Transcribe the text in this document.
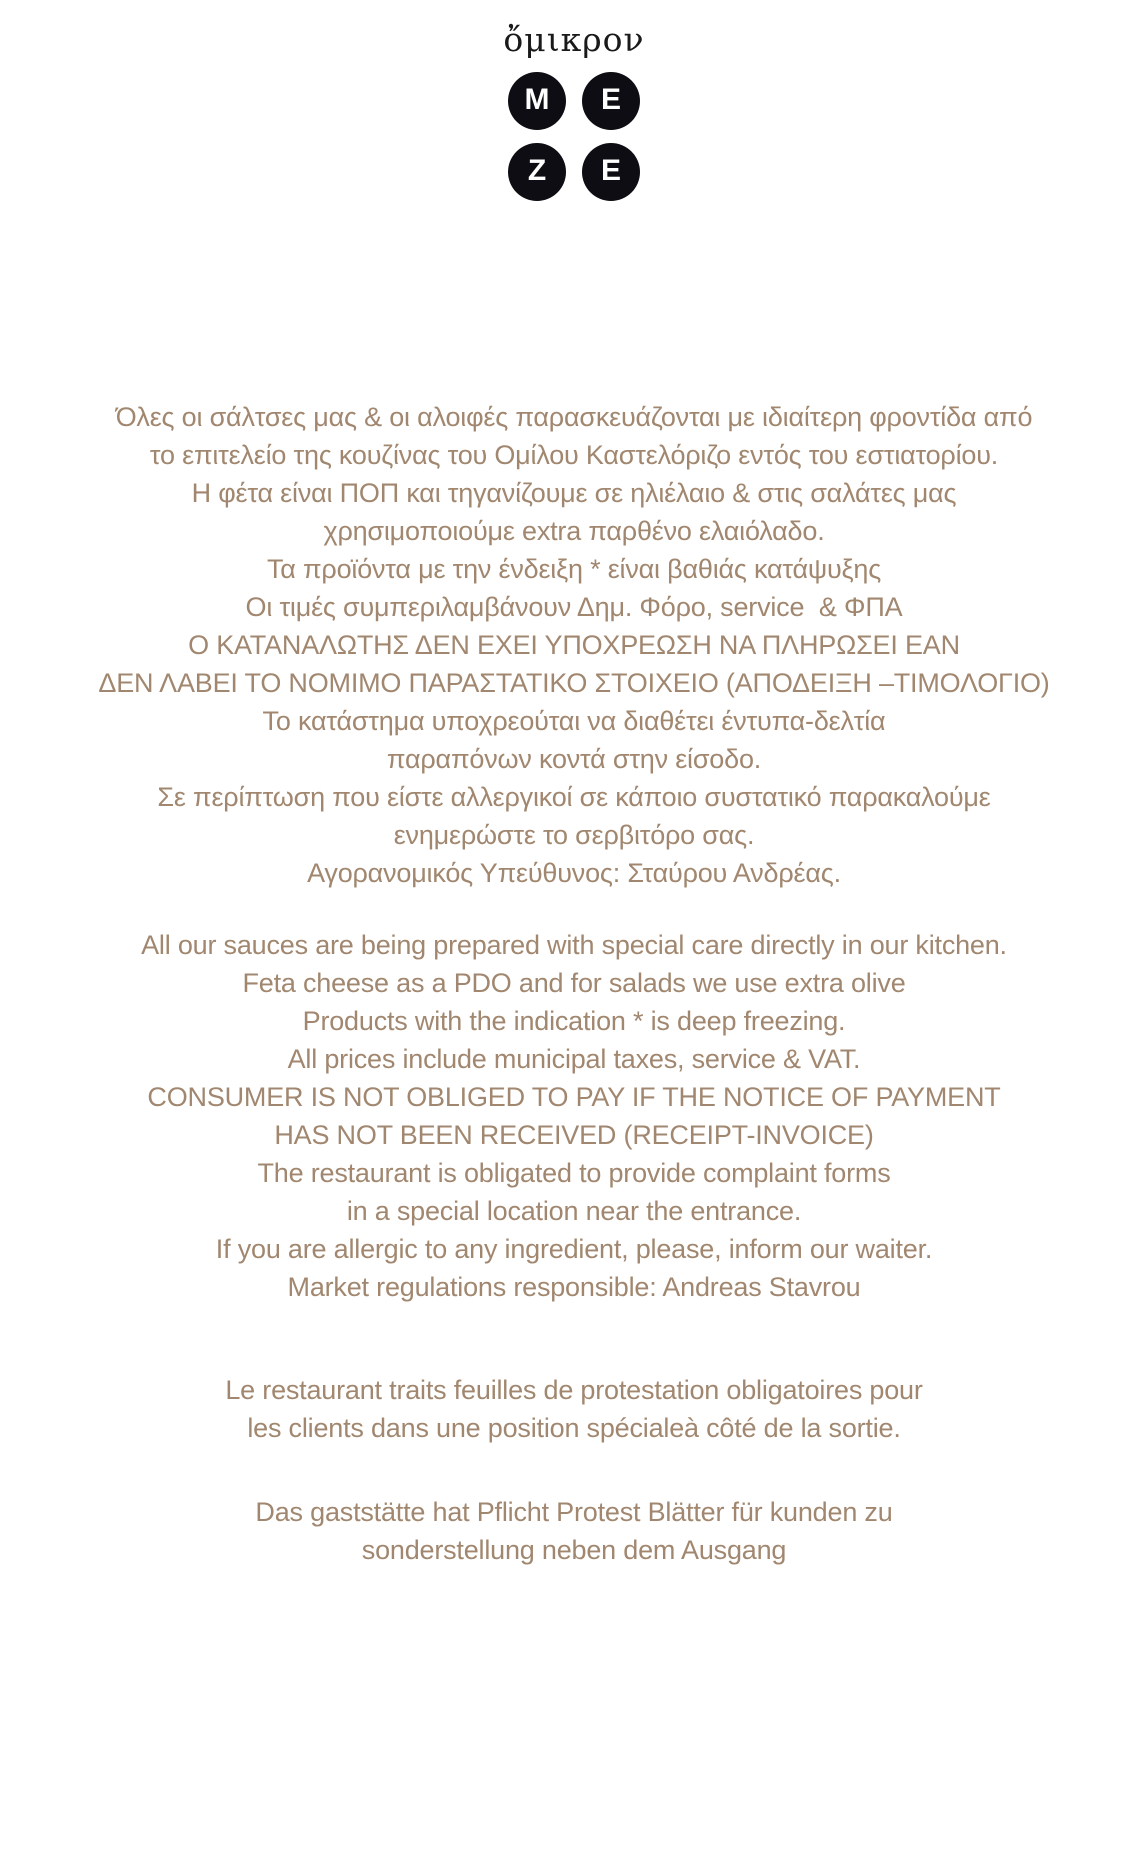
ὄμικρον
M E
Z E
Όλες οι σάλτσες μας & οι αλοιφές παρασκευάζονται με ιδιαίτερη φροντίδα από
το επιτελείο της κουζίνας του Ομίλου Καστελόριζο εντός του εστιατορίου.
Η φέτα είναι ΠΟΠ και τηγανίζουμε σε ηλιέλαιο & στις σαλάτες μας
χρησιμοποιούμε extra παρθένο ελαιόλαδο.
Τα προϊόντα με την ένδειξη * είναι βαθιάς κατάψυξης
Οι τιμές συμπεριλαμβάνουν Δημ. Φόρο, service  & ΦΠΑ
Ο ΚΑΤΑΝΑΛΩΤΗΣ ΔΕΝ ΕΧΕΙ ΥΠΟΧΡΕΩΣΗ ΝΑ ΠΛΗΡΩΣΕΙ ΕΑΝ
ΔΕΝ ΛΑΒΕΙ ΤΟ ΝΟΜΙΜΟ ΠΑΡΑΣΤΑΤΙΚΟ ΣΤΟΙΧΕΙΟ (ΑΠΟΔΕΙΞΗ –ΤΙΜΟΛΟΓΙΟ)
Το κατάστημα υποχρεούται να διαθέτει έντυπα-δελτία
παραπόνων κοντά στην είσοδο.
Σε περίπτωση που είστε αλλεργικοί σε κάποιο συστατικό παρακαλούμε
ενημερώστε το σερβιτόρο σας.
Αγορανομικός Υπεύθυνος: Σταύρου Ανδρέας.
All our sauces are being prepared with special care directly in our kitchen.
Feta cheese as a PDO and for salads we use extra olive
Products with the indication * is deep freezing.
All prices include municipal taxes, service & VAT.
CONSUMER IS NOT OBLIGED TO PAY IF THE NOTICE OF PAYMENT
HAS NOT BEEN RECEIVED (RECEIPT-INVOICE)
The restaurant is obligated to provide complaint forms
in a special location near the entrance.
If you are allergic to any ingredient, please, inform our waiter.
Market regulations responsible: Andreas Stavrou
Le restaurant traits feuilles de protestation obligatoires pour
les clients dans une position spécialeà côté de la sortie.
Das gaststätte hat Pflicht Protest Blätter für kunden zu
sonderstellung neben dem Ausgang
